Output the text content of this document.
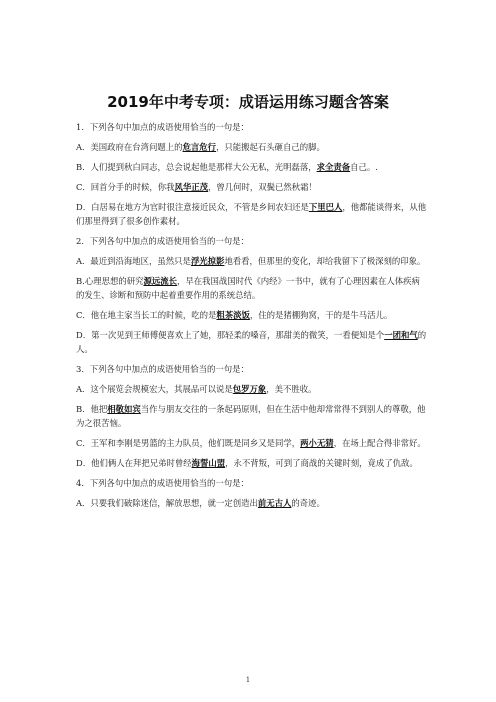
2019年中考专项：成语运用练习题含答案
1．下列各句中加点的成语使用恰当的一句是：
A．美国政府在台湾问题上的危言危行，只能搬起石头砸自己的脚。
B．人们提到秋白同志，总会说起他是那样大公无私，光明磊落，求全责备自己。.
C．回首分手的时候，你我风华正茂，曾几何时，双鬓已然秋霜！
D．白居易在地方为官时很注意接近民众，不管是乡间农妇还是下里巴人，他都能谈得来，从他们那里得到了很多创作素材。
2．下列各句中加点的成语使用恰当的一句是：
A．最近到沿海地区，虽然只是浮光掠影地看看，但那里的变化，却给我留下了极深刻的印象。
B.心理思想的研究源远流长，早在我国战国时代《内经》一书中，就有了心理因素在人体疾病的发生、诊断和预防中起着重要作用的系统总结。
C．他在地主家当长工的时候，吃的是粗茶淡饭，住的是猪棚狗窝，干的是牛马活儿。
D．第一次见到王师傅便喜欢上了她，那轻柔的嗓音，那甜美的微笑，一看便知是个一团和气的人。
3．下列各句中加点的成语使用恰当的一句是：
A．这个展览会规模宏大，其展品可以说是包罗万象，美不胜收。
B．他把相敬如宾当作与朋友交往的一条起码原则，但在生活中他却常常得不到别人的尊敬，他为之很苦恼。
C．王军和李刚是男篮的主力队员，他们既是同乡又是同学，两小无猜，在场上配合得非常好。
D．他们俩人在拜把兄弟时曾经海誓山盟，永不背叛，可到了商战的关键时刻，竟成了仇敌。
4．下列各句中加点的成语使用恰当的一句是：
A．只要我们破除迷信，解放思想，就一定创造出前无古人的奇迹。
1
